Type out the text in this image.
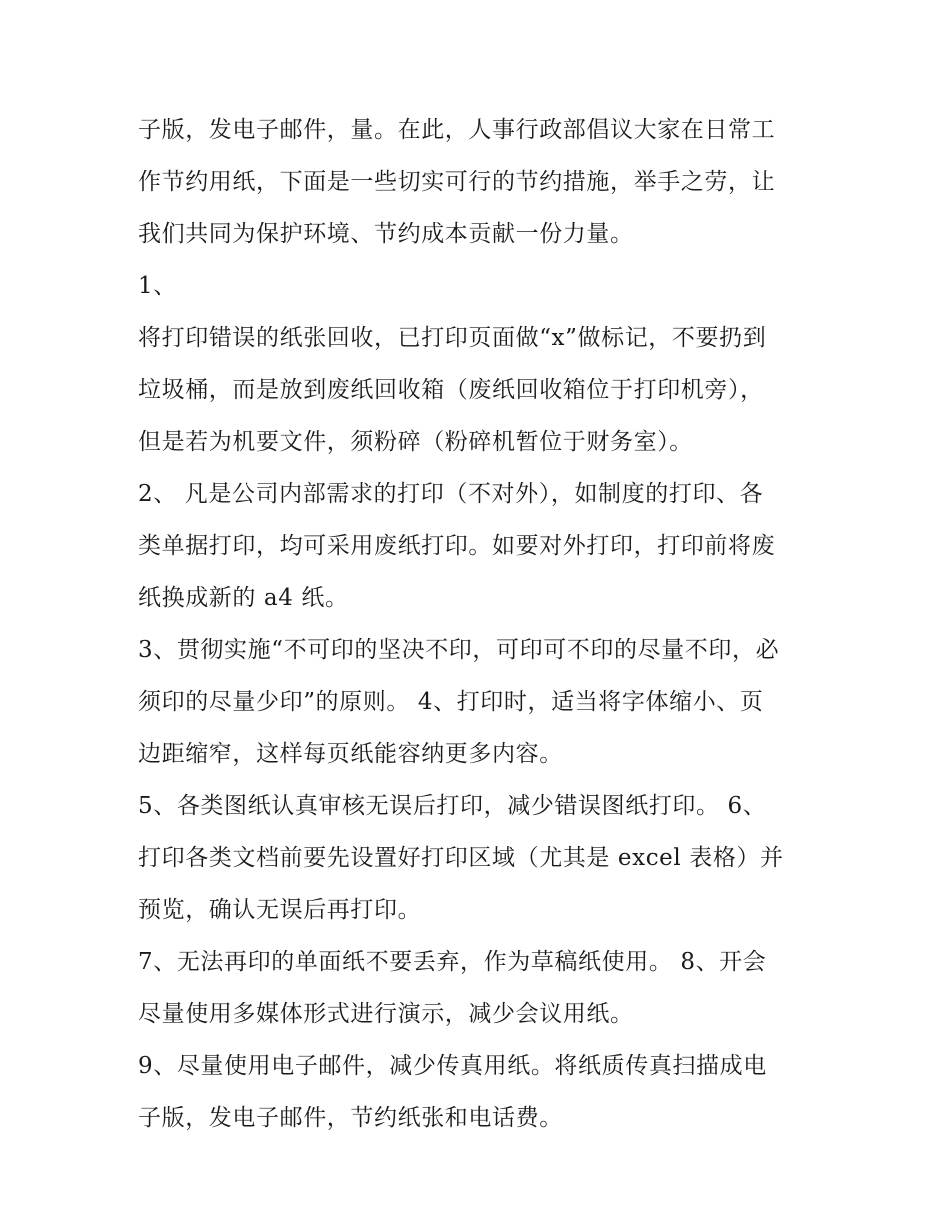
子版，发电子邮件，量。在此，人事行政部倡议大家在日常工
作节约用纸，下面是一些切实可行的节约措施，举手之劳，让
我们共同为保护环境、节约成本贡献一份力量。
1、
将打印错误的纸张回收，已打印页面做“x”做标记，不要扔到
垃圾桶，而是放到废纸回收箱（废纸回收箱位于打印机旁），
但是若为机要文件，须粉碎（粉碎机暂位于财务室）。
2、 凡是公司内部需求的打印（不对外），如制度的打印、各
类单据打印，均可采用废纸打印。如要对外打印，打印前将废
纸换成新的 a4 纸。
3、贯彻实施“不可印的坚决不印，可印可不印的尽量不印，必
须印的尽量少印”的原则。 4、打印时，适当将字体缩小、页
边距缩窄，这样每页纸能容纳更多内容。
5、各类图纸认真审核无误后打印，减少错误图纸打印。 6、
打印各类文档前要先设置好打印区域（尤其是 excel 表格）并
预览，确认无误后再打印。
7、无法再印的单面纸不要丢弃，作为草稿纸使用。 8、开会
尽量使用多媒体形式进行演示，减少会议用纸。
9、尽量使用电子邮件，减少传真用纸。将纸质传真扫描成电
子版，发电子邮件，节约纸张和电话费。
